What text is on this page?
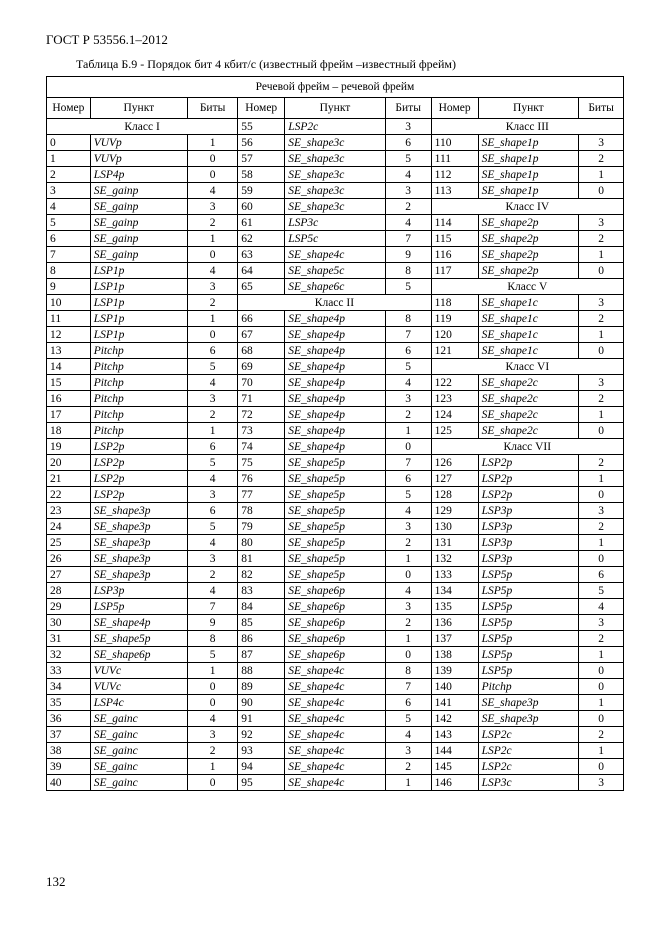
ГОСТ Р 53556.1–2012
Таблица Б.9 - Порядок бит 4 кбит/с (известный фрейм –известный фрейм)
Речевой фрейм – речевой фрейм								
Номер	Пункт	Биты	Номер	Пункт	Биты	Номер	Пункт	Биты
Класс I			55	LSP2c	3	Класс III		
0	VUVp	1	56	SE_shape3c	6	110	SE_shape1p	3
1	VUVp	0	57	SE_shape3c	5	111	SE_shape1p	2
2	LSP4p	0	58	SE_shape3c	4	112	SE_shape1p	1
3	SE_gainp	4	59	SE_shape3c	3	113	SE_shape1p	0
4	SE_gainp	3	60	SE_shape3c	2	Класс IV		
5	SE_gainp	2	61	LSP3c	4	114	SE_shape2p	3
6	SE_gainp	1	62	LSP5c	7	115	SE_shape2p	2
7	SE_gainp	0	63	SE_shape4c	9	116	SE_shape2p	1
8	LSP1p	4	64	SE_shape5c	8	117	SE_shape2p	0
9	LSP1p	3	65	SE_shape6c	5	Класс V		
10	LSP1p	2	Класс II			118	SE_shape1c	3
11	LSP1p	1	66	SE_shape4p	8	119	SE_shape1c	2
12	LSP1p	0	67	SE_shape4p	7	120	SE_shape1c	1
13	Pitchp	6	68	SE_shape4p	6	121	SE_shape1c	0
14	Pitchp	5	69	SE_shape4p	5	Класс VI		
15	Pitchp	4	70	SE_shape4p	4	122	SE_shape2c	3
16	Pitchp	3	71	SE_shape4p	3	123	SE_shape2c	2
17	Pitchp	2	72	SE_shape4p	2	124	SE_shape2c	1
18	Pitchp	1	73	SE_shape4p	1	125	SE_shape2c	0
19	LSP2p	6	74	SE_shape4p	0	Класс VII		
20	LSP2p	5	75	SE_shape5p	7	126	LSP2p	2
21	LSP2p	4	76	SE_shape5p	6	127	LSP2p	1
22	LSP2p	3	77	SE_shape5p	5	128	LSP2p	0
23	SE_shape3p	6	78	SE_shape5p	4	129	LSP3p	3
24	SE_shape3p	5	79	SE_shape5p	3	130	LSP3p	2
25	SE_shape3p	4	80	SE_shape5p	2	131	LSP3p	1
26	SE_shape3p	3	81	SE_shape5p	1	132	LSP3p	0
27	SE_shape3p	2	82	SE_shape5p	0	133	LSP5p	6
28	LSP3p	4	83	SE_shape6p	4	134	LSP5p	5
29	LSP5p	7	84	SE_shape6p	3	135	LSP5p	4
30	SE_shape4p	9	85	SE_shape6p	2	136	LSP5p	3
31	SE_shape5p	8	86	SE_shape6p	1	137	LSP5p	2
32	SE_shape6p	5	87	SE_shape6p	0	138	LSP5p	1
33	VUVc	1	88	SE_shape4c	8	139	LSP5p	0
34	VUVc	0	89	SE_shape4c	7	140	Pitchp	0
35	LSP4c	0	90	SE_shape4c	6	141	SE_shape3p	1
36	SE_gainc	4	91	SE_shape4c	5	142	SE_shape3p	0
37	SE_gainc	3	92	SE_shape4c	4	143	LSP2c	2
38	SE_gainc	2	93	SE_shape4c	3	144	LSP2c	1
39	SE_gainc	1	94	SE_shape4c	2	145	LSP2c	0
40	SE_gainc	0	95	SE_shape4c	1	146	LSP3c	3
132
